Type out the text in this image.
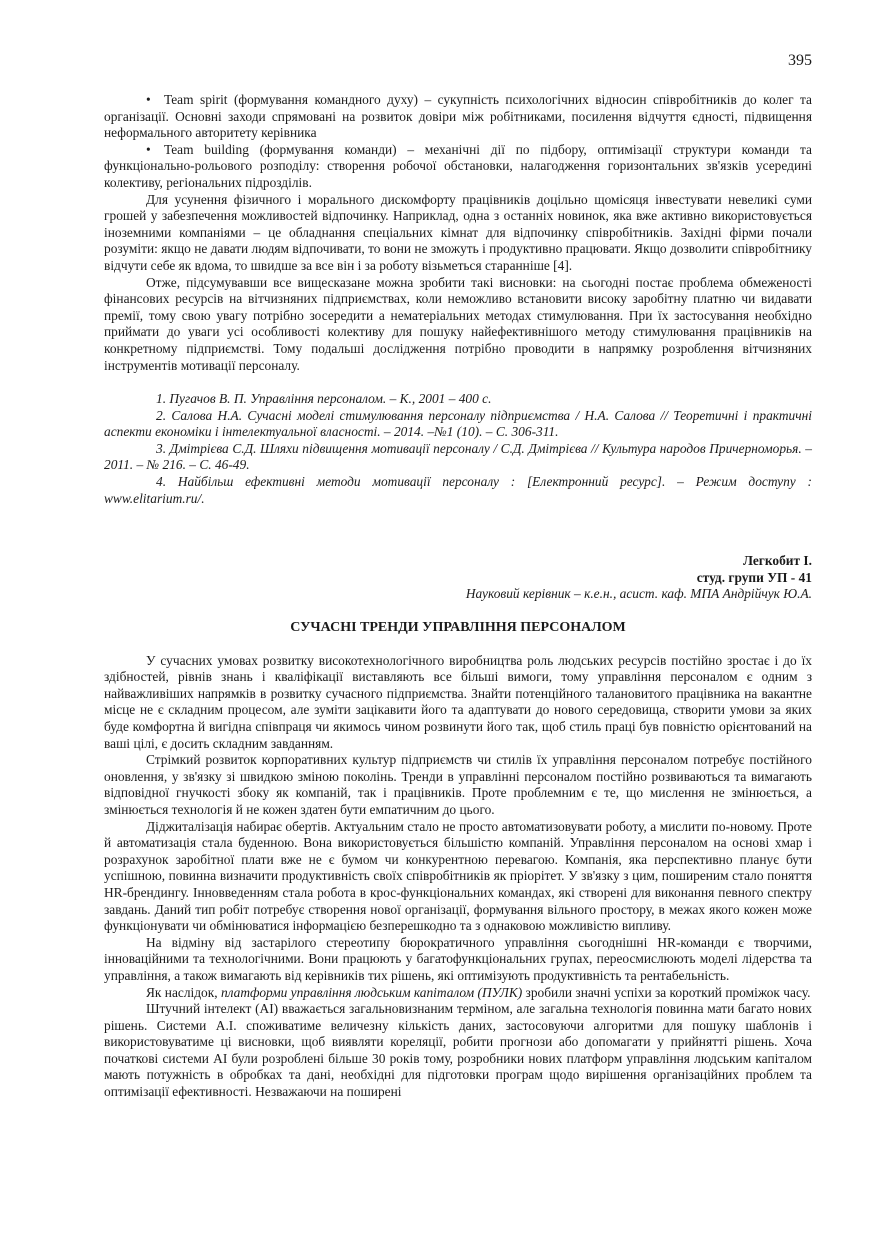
395

• Team spirit (формування командного духу) – сукупність психологічних відносин співробітників до колег та організації. Основні заходи спрямовані на розвиток довіри між робітниками, посилення відчуття єдності, підвищення неформального авторитету керівника

• Team building (формування команди) – механічні дії по підбору, оптимізації структури команди та функціонально-рольового розподілу: створення робочої обстановки, налагодження горизонтальних зв'язків усередині колективу, регіональних підрозділів.

Для усунення фізичного і морального дискомфорту працівників доцільно щомісяця інвестувати невеликі суми грошей у забезпечення можливостей відпочинку. Наприклад, одна з останніх новинок, яка вже активно використовується іноземними компаніями – це обладнання спеціальних кімнат для відпочинку співробітників. Західні фірми почали розуміти: якщо не давати людям відпочивати, то вони не зможуть і продуктивно працювати. Якщо дозволити співробітнику відчути себе як вдома, то швидше за все він і за роботу візьметься старанніше [4].

Отже, підсумувавши все вищесказане можна зробити такі висновки: на сьогодні постає проблема обмеженості фінансових ресурсів на вітчизняних підприємствах, коли неможливо встановити високу заробітну платню чи видавати премії, тому свою увагу потрібно зосередити а нематеріальних методах стимулювання. При їх застосування необхідно приймати до уваги усі особливості колективу для пошуку найефективнішого методу стимулювання працівників на конкретному підприємстві. Тому подальші дослідження потрібно проводити в напрямку розроблення вітчизняних інструментів мотивації персоналу.

1. Пугачов В. П. Управління персоналом. – К., 2001 – 400 с.

2. Салова Н.А. Сучасні моделі стимулювання персоналу підприємства / Н.А. Салова // Теоретичні і практичні аспекти економіки і інтелектуальної власності. – 2014. –№1 (10). – С. 306-311.

3. Дмітрієва С.Д. Шляхи підвищення мотивації персоналу / С.Д. Дмітрієва // Культура народов Причерноморья. – 2011. – № 216. – С. 46-49.

4. Найбільш ефективні методи мотивації персоналу : [Електронний ресурс]. – Режим доступу : www.elitarium.ru/.

Легкобит І.
студ. групи УП - 41
Науковий керівник – к.е.н., асист. каф. МПА Андрійчук Ю.А.
СУЧАСНІ ТРЕНДИ УПРАВЛІННЯ ПЕРСОНАЛОМ

У сучасних умовах розвитку високотехнологічного виробництва роль людських ресурсів постійно зростає і до їх здібностей, рівнів знань і кваліфікації виставляють все більші вимоги, тому управління персоналом є одним з найважливіших напрямків в розвитку сучасного підприємства. Знайти потенційного талановитого працівника на вакантне місце не є складним процесом, але зуміти зацікавити його та адаптувати до нового середовища, створити умови за яких буде комфортна й вигідна співпраця чи якимось чином розвинути його так, щоб стиль праці був повністю орієнтований на ваші цілі, є досить складним завданням.

Стрімкий розвиток корпоративних культур підприємств чи стилів їх управління персоналом потребує постійного оновлення, у зв'язку зі швидкою зміною поколінь. Тренди в управлінні персоналом постійно розвиваються та вимагають відповідної гнучкості збоку як компаній, так і працівників. Проте проблемним є те, що мислення не змінюється, а змінюється технологія й не кожен здатен бути емпатичним до цього.

Діджиталізація набирає обертів. Актуальним стало не просто автоматизовувати роботу, а мислити по-новому. Проте й автоматизація стала буденною. Вона використовується більшістю компаній. Управління персоналом на основі хмар і розрахунок заробітної плати вже не є бумом чи конкурентною перевагою. Компанія, яка перспективно планує бути успішною, повинна визначити продуктивність своїх співробітників як пріорітет. У зв'язку з цим, поширеним стало поняття HR-брендингу. Інновведенням стала робота в крос-функціональних командах, які створені для виконання певного спектру завдань. Даний тип робіт потребує створення нової організації, формування вільного простору, в межах якого кожен може функціонувати чи обмінюватися інформацією безперешкодно та з однаковою можливістю випливу.

На відміну від застарілого стереотипу бюрократичного управління сьогоднішні HR-команди є творчими, інноваційними та технологічними. Вони працюють у багатофункціональних групах, переосмислюють моделі лідерства та управління, а також вимагають від керівників тих рішень, які оптимізують продуктивність та рентабельність.

Як наслідок, платформи управління людським капіталом (ПУЛК) зробили значні успіхи за короткий проміжок часу.

Штучний інтелект (AI) вважається загальновизнаним терміном, але загальна технологія повинна мати багато нових рішень. Системи A.I. споживатиме величезну кількість даних, застосовуючи алгоритми для пошуку шаблонів і використовуватиме ці висновки, щоб виявляти кореляції, робити прогнози або допомагати у прийнятті рішень. Хоча початкові системи AI були розроблені більше 30 років тому, розробники нових платформ управління людським капіталом мають потужність в обробках та дані, необхідні для підготовки програм щодо вирішення організаційних проблем та оптимізації ефективності. Незважаючи на поширені
